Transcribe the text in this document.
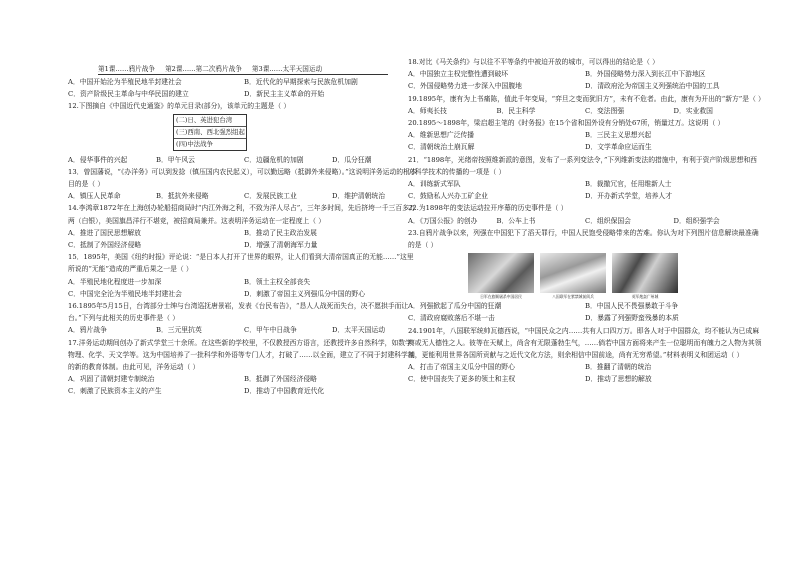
第1课……鸦片战争 第2课……第二次鸦片战争 第3课……太平天国运动
A．中国开始沦为半殖民地半封建社会	B．近代化的早期探索与民族危机加剧
C．资产阶级民主革命与中华民国的建立	D．新民主主义革命的开始
12.下图摘自《中国近代史通鉴》的单元目录(部分)，该单元的主题是（ ）
(二)日、英进犯台湾
(三)西南、西北强烈组起
(四)中法战争
A．侵华事件的兴起	B．甲午风云	C．边疆危机的加剧	D．瓜分狂潮
13．曾国藩说，“《办洋务》可以到发捻（镇压国内农民起义），可以勤远略（抵御外来侵略）。”这说明洋务运动的根本目的是（ ）
A．镇压人民革命	B．抵抗外来侵略	C．发展民族工业	D．维护清朝统治
14.李鸿章1872年在上海创办轮船招商局时“内江外海之利，不致为洋人尽占”，三年多时间，先后挤垮一千三百多万两（白银），美国旗昌洋行不堪竞，被招商局兼并。这表明洋务运动在一定程度上（ ）
A．推进了国民思想解放	B．推动了民主政治发展
C．抵制了外国经济侵略	D．增强了清朝海军力量
15．1895年，美国《纽约时报》评论说：“是日本人打开了世界的眼界，让人们看到大清帝国真正的无能……”这里所说的“无能”造成的严重后果之一是（ ）
A．半殖民地化程度进一步加深	B．领土主权全部丧失
C．中国完全沦为半殖民地半封建社会	D．刺激了帝国主义列强瓜分中国的野心
16.1895年5月15日，台湾部分士绅与台湾巡抚唐景崧，发表《台民布告》，“恳人人战死而失台，决不愿拱手而让台。”下列与此相关的历史事件是（ ）
A．鸦片战争	B．三元里抗英	C．甲午中日战争	D．太平天国运动
17.洋务运动期间创办了新式学堂三十余所。在这些新的学校里，不仅教授西方语言，还教授许多自然科学，如数学、物理、化学、天文学等。这为中国培养了一批科学和外语等专门人才，打破了……以全面，建立了不同于封建科学制的新的教育体制。由此可见，洋务运动（ ）
A．巩固了清朝封建专制统治	B．抵御了外国经济侵略
C．刺激了民族资本主义的产生	D．推动了中国教育近代化
18.对比《马关条约》与以往不平等条约中被迫开放的城市，可以得出的结论是（ ）
A．中国独立主权完整性遭到破坏	B．外国侵略势力深入到长江中下游地区
C．外国侵略势力进一步深入中国腹地	D．清政府沦为帝国主义列强统治中国的工具
19.1895年，康有为上书痛陈，值此千年变局，“弈旦之变而犹旧方”，未有不危者。由此，康有为开出的“新方”是（ ）
A．师夷长技	B．民主科学	C．变法图强	D．实业救国
20.1895～1898年，梁启超主笔的《时务报》在15个省和国外设有分销处67所，销量过万。这说明（ ）
A．维新思想广泛传播	B．三民主义思想兴起
C．清朝统治土崩瓦解	D．文学革命应运而生
21．“1898年，光绪帝按照维新派的意图，发布了一系列变法令，”下列维新变法的措施中，有利于资产阶级思想和西方科学技术的传播的一项是（ ）
A．训练新式军队	B．裁撤冗官，任用维新人士
C．鼓励私人兴办工矿企业	D．开办新式学堂，培养人才
22.为1898年的变法运动拉开序幕的历史事件是（ ）
A．《万国公报》的创办	B．公车上书	C．组织保国会	D．组织强学会
23.自鸦片战争以来，列强在中国犯下了滔天罪行，中国人民饱受侵略带来的苦难。你认为对下列图片信息解读最准确的是（ ）
日军在旅顺屠杀中国居民	八国联军在紫禁城前阅兵	英军炮轰广州城
A．列强掀起了瓜分中国的狂潮	B．中国人民不畏强暴敢于斗争
C．清政府腐败落后不堪一击	D．暴露了列强野蛮残暴的本质
24.1901年，八国联军统帅瓦德西说，“中国民众之内……共有人口四万万。即各人对于中国群众，均不能认为已成麻痹或无人德性之人。彼等在天赋上，尚含有无限蓬勃生气，……倘若中国方面将来产生一位聪明而有魄力之人物为其领袖，更能利用世界各国所贡献与之近代文化方法，则余相信中国前途，尚有无穷希望。”材料表明义和团运动（ ）
A．打击了帝国主义瓜分中国的野心	B．推翻了清朝的统治
C．使中国丧失了更多的领土和主权	D．推动了思想的解放
